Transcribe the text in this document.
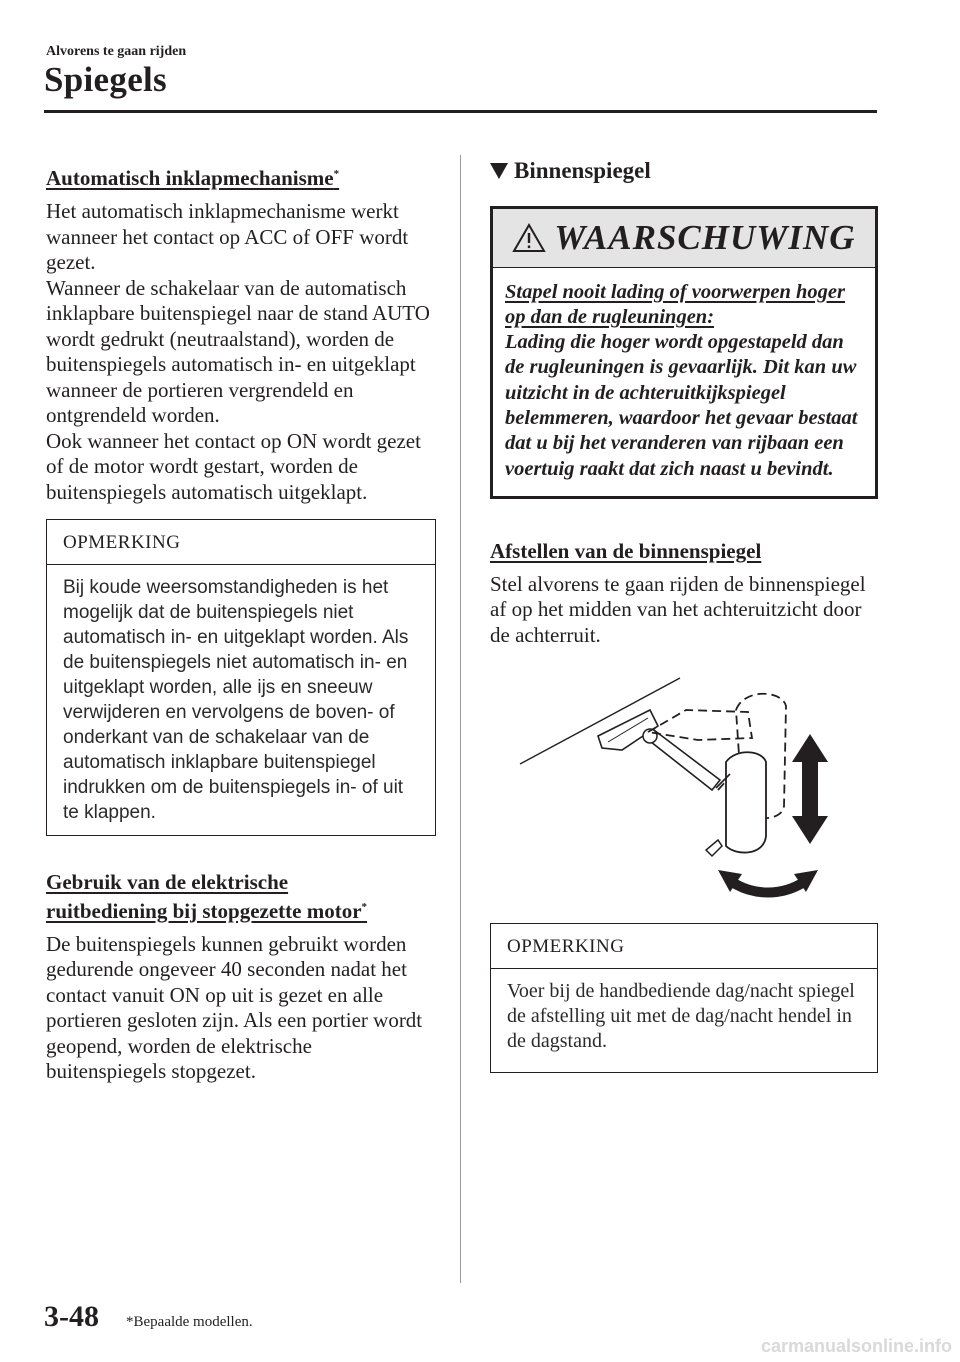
Alvorens te gaan rijden
Spiegels
Automatisch inklapmechanisme*

Het automatisch inklapmechanisme werkt wanneer het contact op ACC of OFF wordt gezet.

Wanneer de schakelaar van de automatisch inklapbare buitenspiegel naar de stand AUTO wordt gedrukt (neutraalstand), worden de buitenspiegels automatisch in- en uitgeklapt wanneer de portieren vergrendeld en ontgrendeld worden.

Ook wanneer het contact op ON wordt gezet of de motor wordt gestart, worden de buitenspiegels automatisch uitgeklapt.

OPMERKING
Bij koude weersomstandigheden is het mogelijk dat de buitenspiegels niet automatisch in- en uitgeklapt worden. Als de buitenspiegels niet automatisch in- en uitgeklapt worden, alle ijs en sneeuw verwijderen en vervolgens de boven- of onderkant van de schakelaar van de automatisch inklapbare buitenspiegel indrukken om de buitenspiegels in- of uit te klappen.
Gebruik van de elektrische
ruitbediening bij stopgezette motor*

De buitenspiegels kunnen gebruikt worden gedurende ongeveer 40 seconden nadat het contact vanuit ON op uit is gezet en alle portieren gesloten zijn. Als een portier wordt geopend, worden de elektrische buitenspiegels stopgezet.

Binnenspiegel
WAARSCHUWING
Stapel nooit lading of voorwerpen hoger op dan de rugleuningen:
Lading die hoger wordt opgestapeld dan de rugleuningen is gevaarlijk. Dit kan uw uitzicht in de achteruitkijkspiegel belemmeren, waardoor het gevaar bestaat dat u bij het veranderen van rijbaan een voertuig raakt dat zich naast u bevindt.
Afstellen van de binnenspiegel

Stel alvorens te gaan rijden de binnenspiegel af op het midden van het achteruitzicht door de achterruit.

OPMERKING
Voer bij de handbediende dag/nacht spiegel de afstelling uit met de dag/nacht hendel in de dagstand.
3-48 *Bepaalde modellen.
carmanualsonline.info
